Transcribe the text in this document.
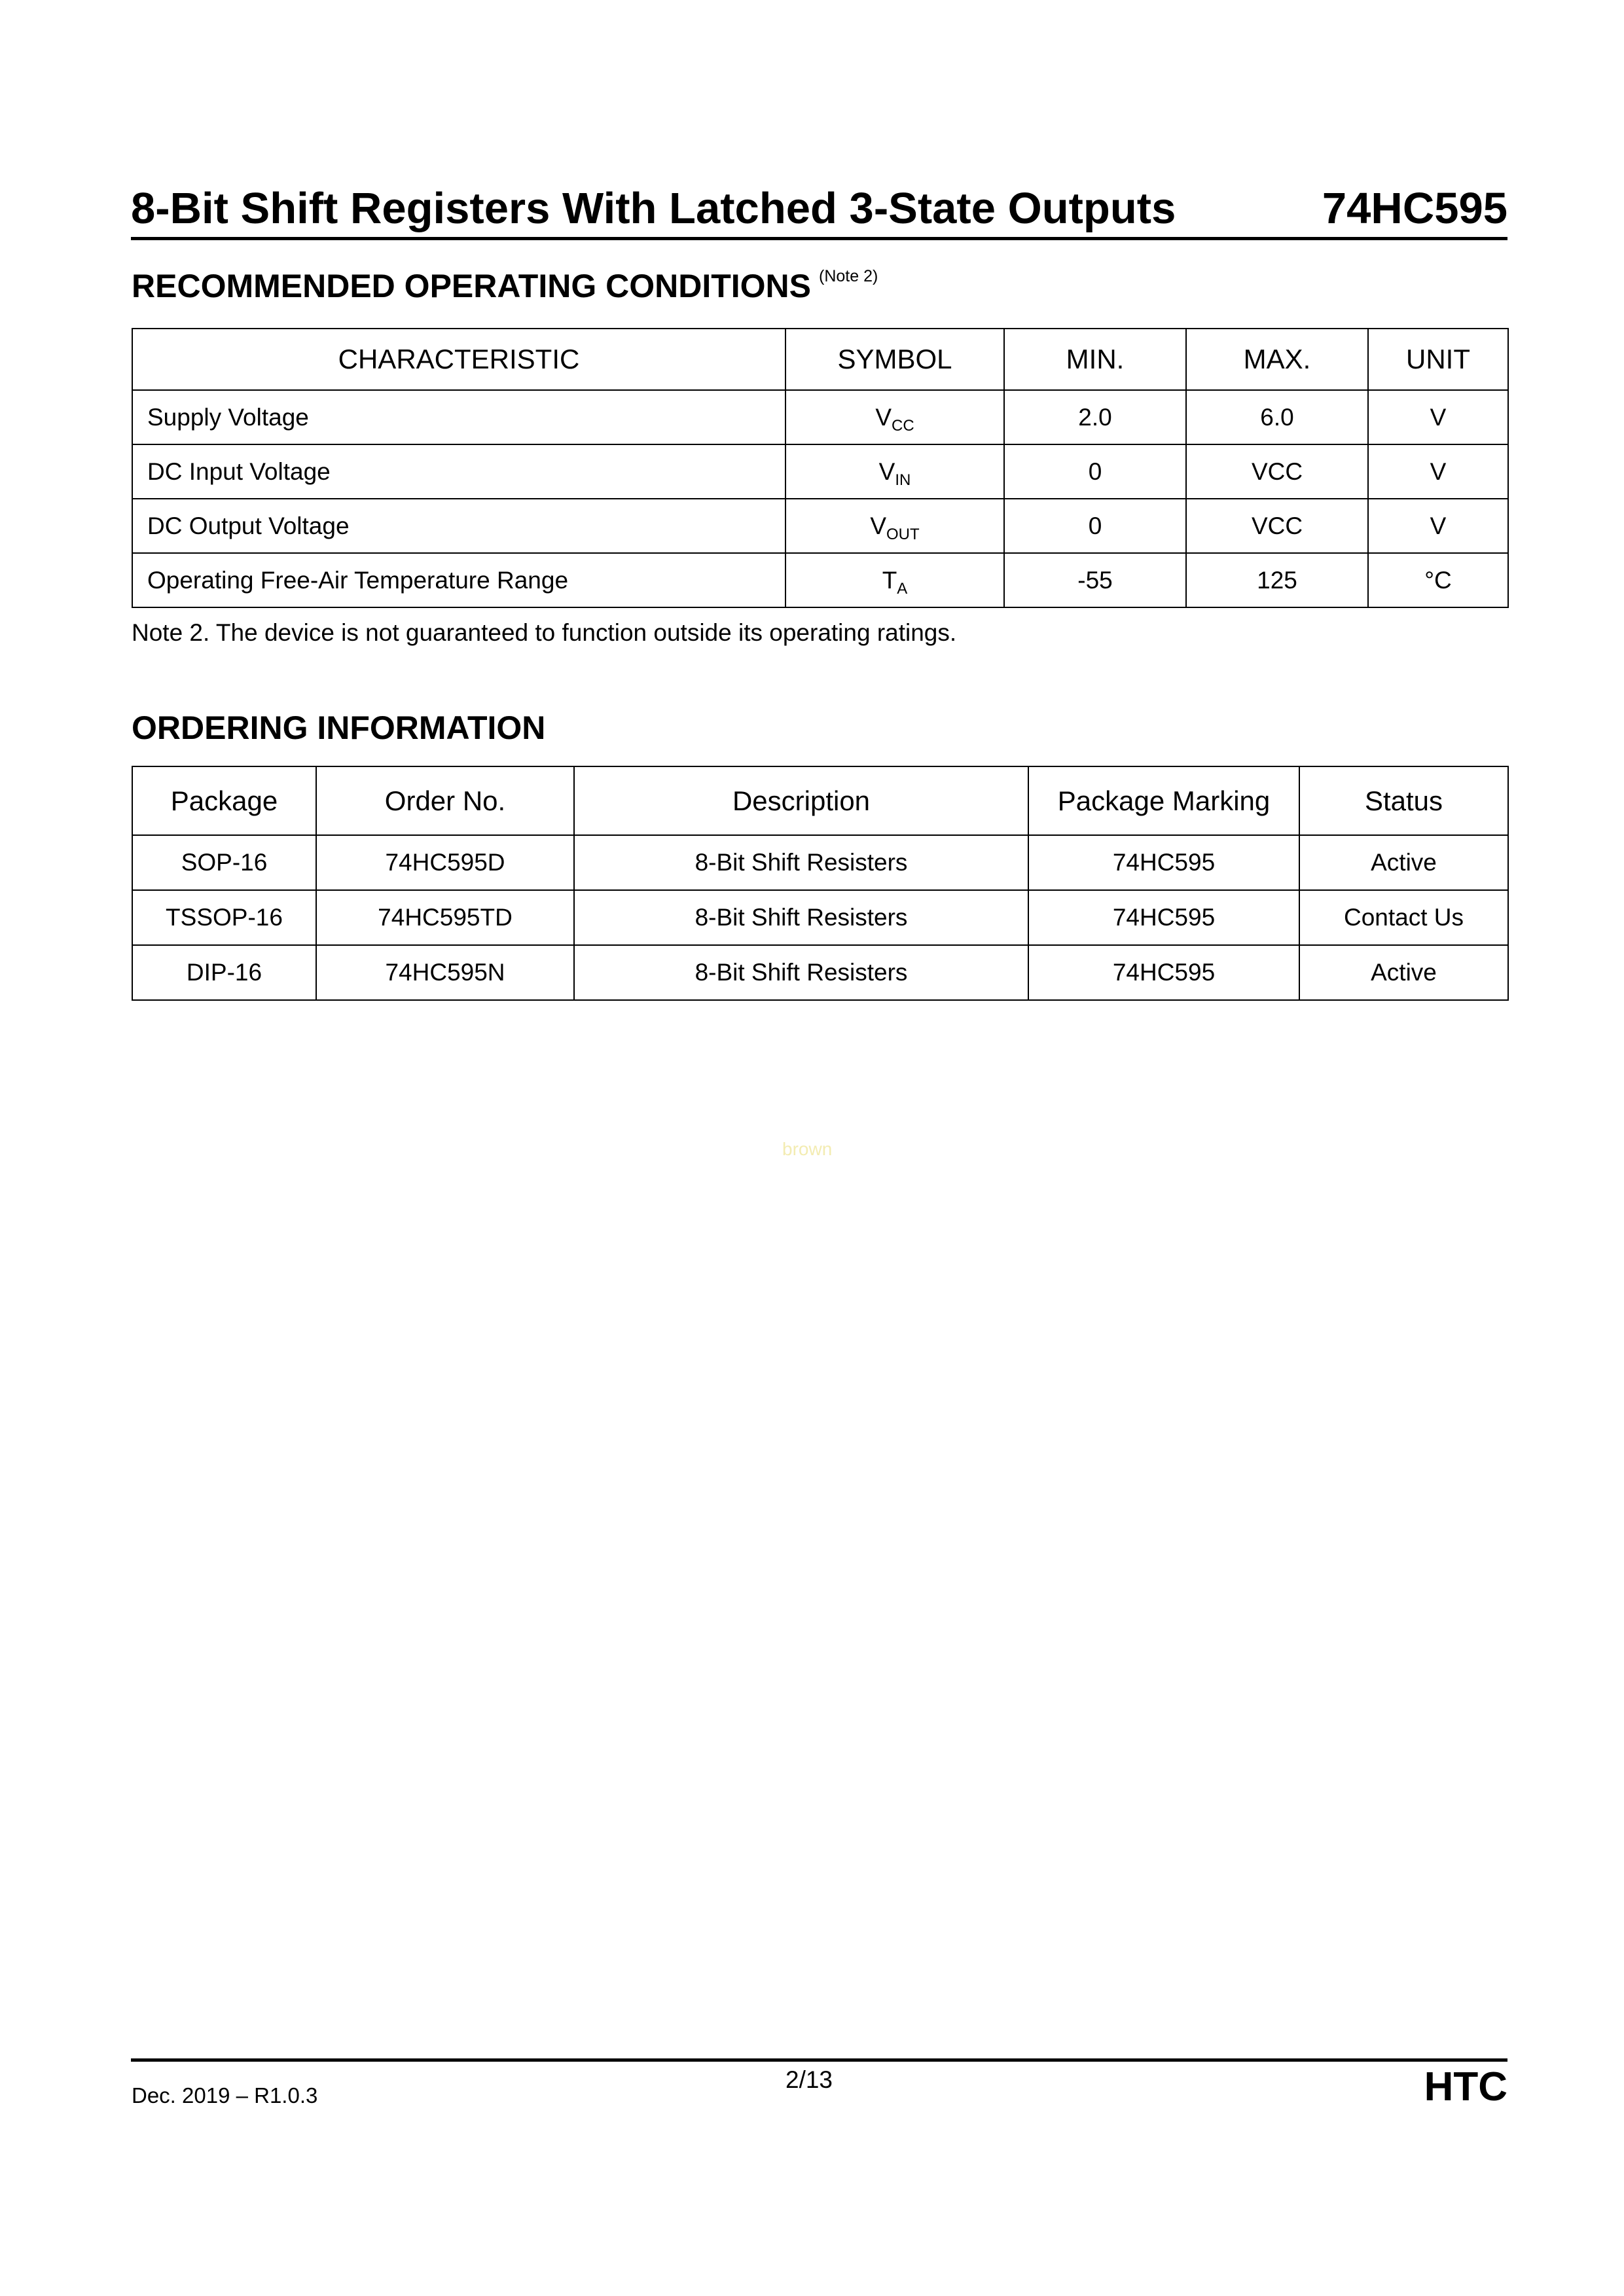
8-Bit Shift Registers With Latched 3-State Outputs	74HC595
RECOMMENDED OPERATING CONDITIONS $^{(Note 2)}$
CHARACTERISTIC	SYMBOL	MIN.	MAX.	UNIT
Supply Voltage	$V_{CC}$	2.0	6.0	V
DC Input Voltage	$V_{IN}$	0	VCC	V
DC Output Voltage	$V_{OUT}$	0	VCC	V
Operating Free-Air Temperature Range	$T_A$	-55	125	°C
Note 2. The device is not guaranteed to function outside its operating ratings.
ORDERING INFORMATION
Package	Order No.	Description	Package Marking	Status
SOP-16	74HC595D	8-Bit Shift Resisters	74HC595	Active
TSSOP-16	74HC595TD	8-Bit Shift Resisters	74HC595	Contact Us
DIP-16	74HC595N	8-Bit Shift Resisters	74HC595	Active
brown
Dec. 2019 – R1.0.3
2/13	HTC
